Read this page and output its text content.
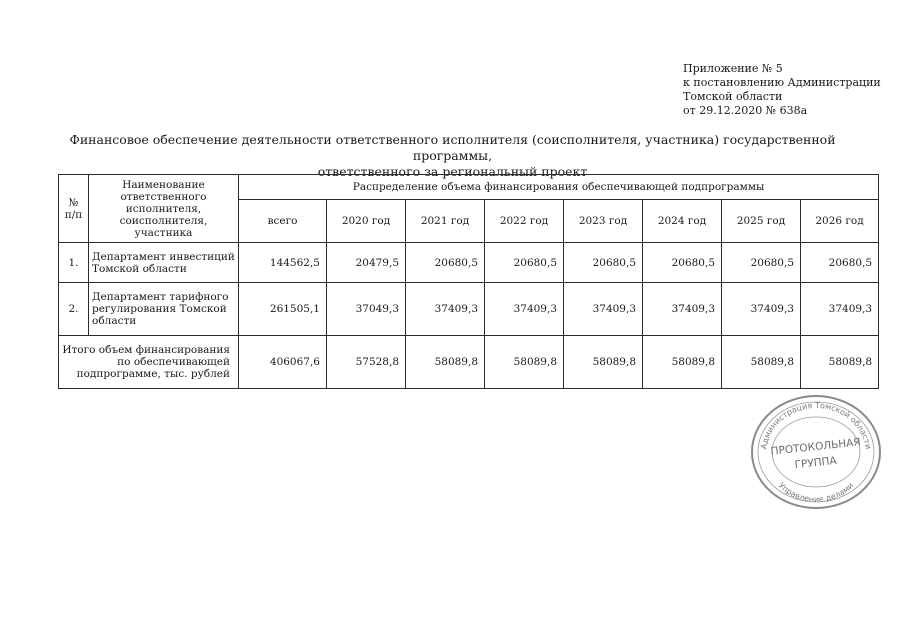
Приложение № 5
к постановлению Администрации
Томской области
от 29.12.2020 № 638а
Финансовое обеспечение деятельности ответственного исполнителя (соисполнителя, участника) государственной программы,
ответственного за региональный проект
№ п/п	Наименование ответственного исполнителя, соисполнителя, участника	Распределение объема финансирования обеспечивающей подпрограммы							
		всего	2020 год	2021 год	2022 год	2023 год	2024 год	2025 год	2026 год
1.	Департамент инвестиций Томской области	144562,5	20479,5	20680,5	20680,5	20680,5	20680,5	20680,5	20680,5
2.	Департамент тарифного регулирования Томской области	261505,1	37049,3	37409,3	37409,3	37409,3	37409,3	37409,3	37409,3
Итого объем финансирования по обеспечивающей подпрограмме, тыс. рублей		406067,6	57528,8	58089,8	58089,8	58089,8	58089,8	58089,8	58089,8
Администрация Томской области
Управление делами
ПРОТОКОЛЬНАЯ
ГРУППА
